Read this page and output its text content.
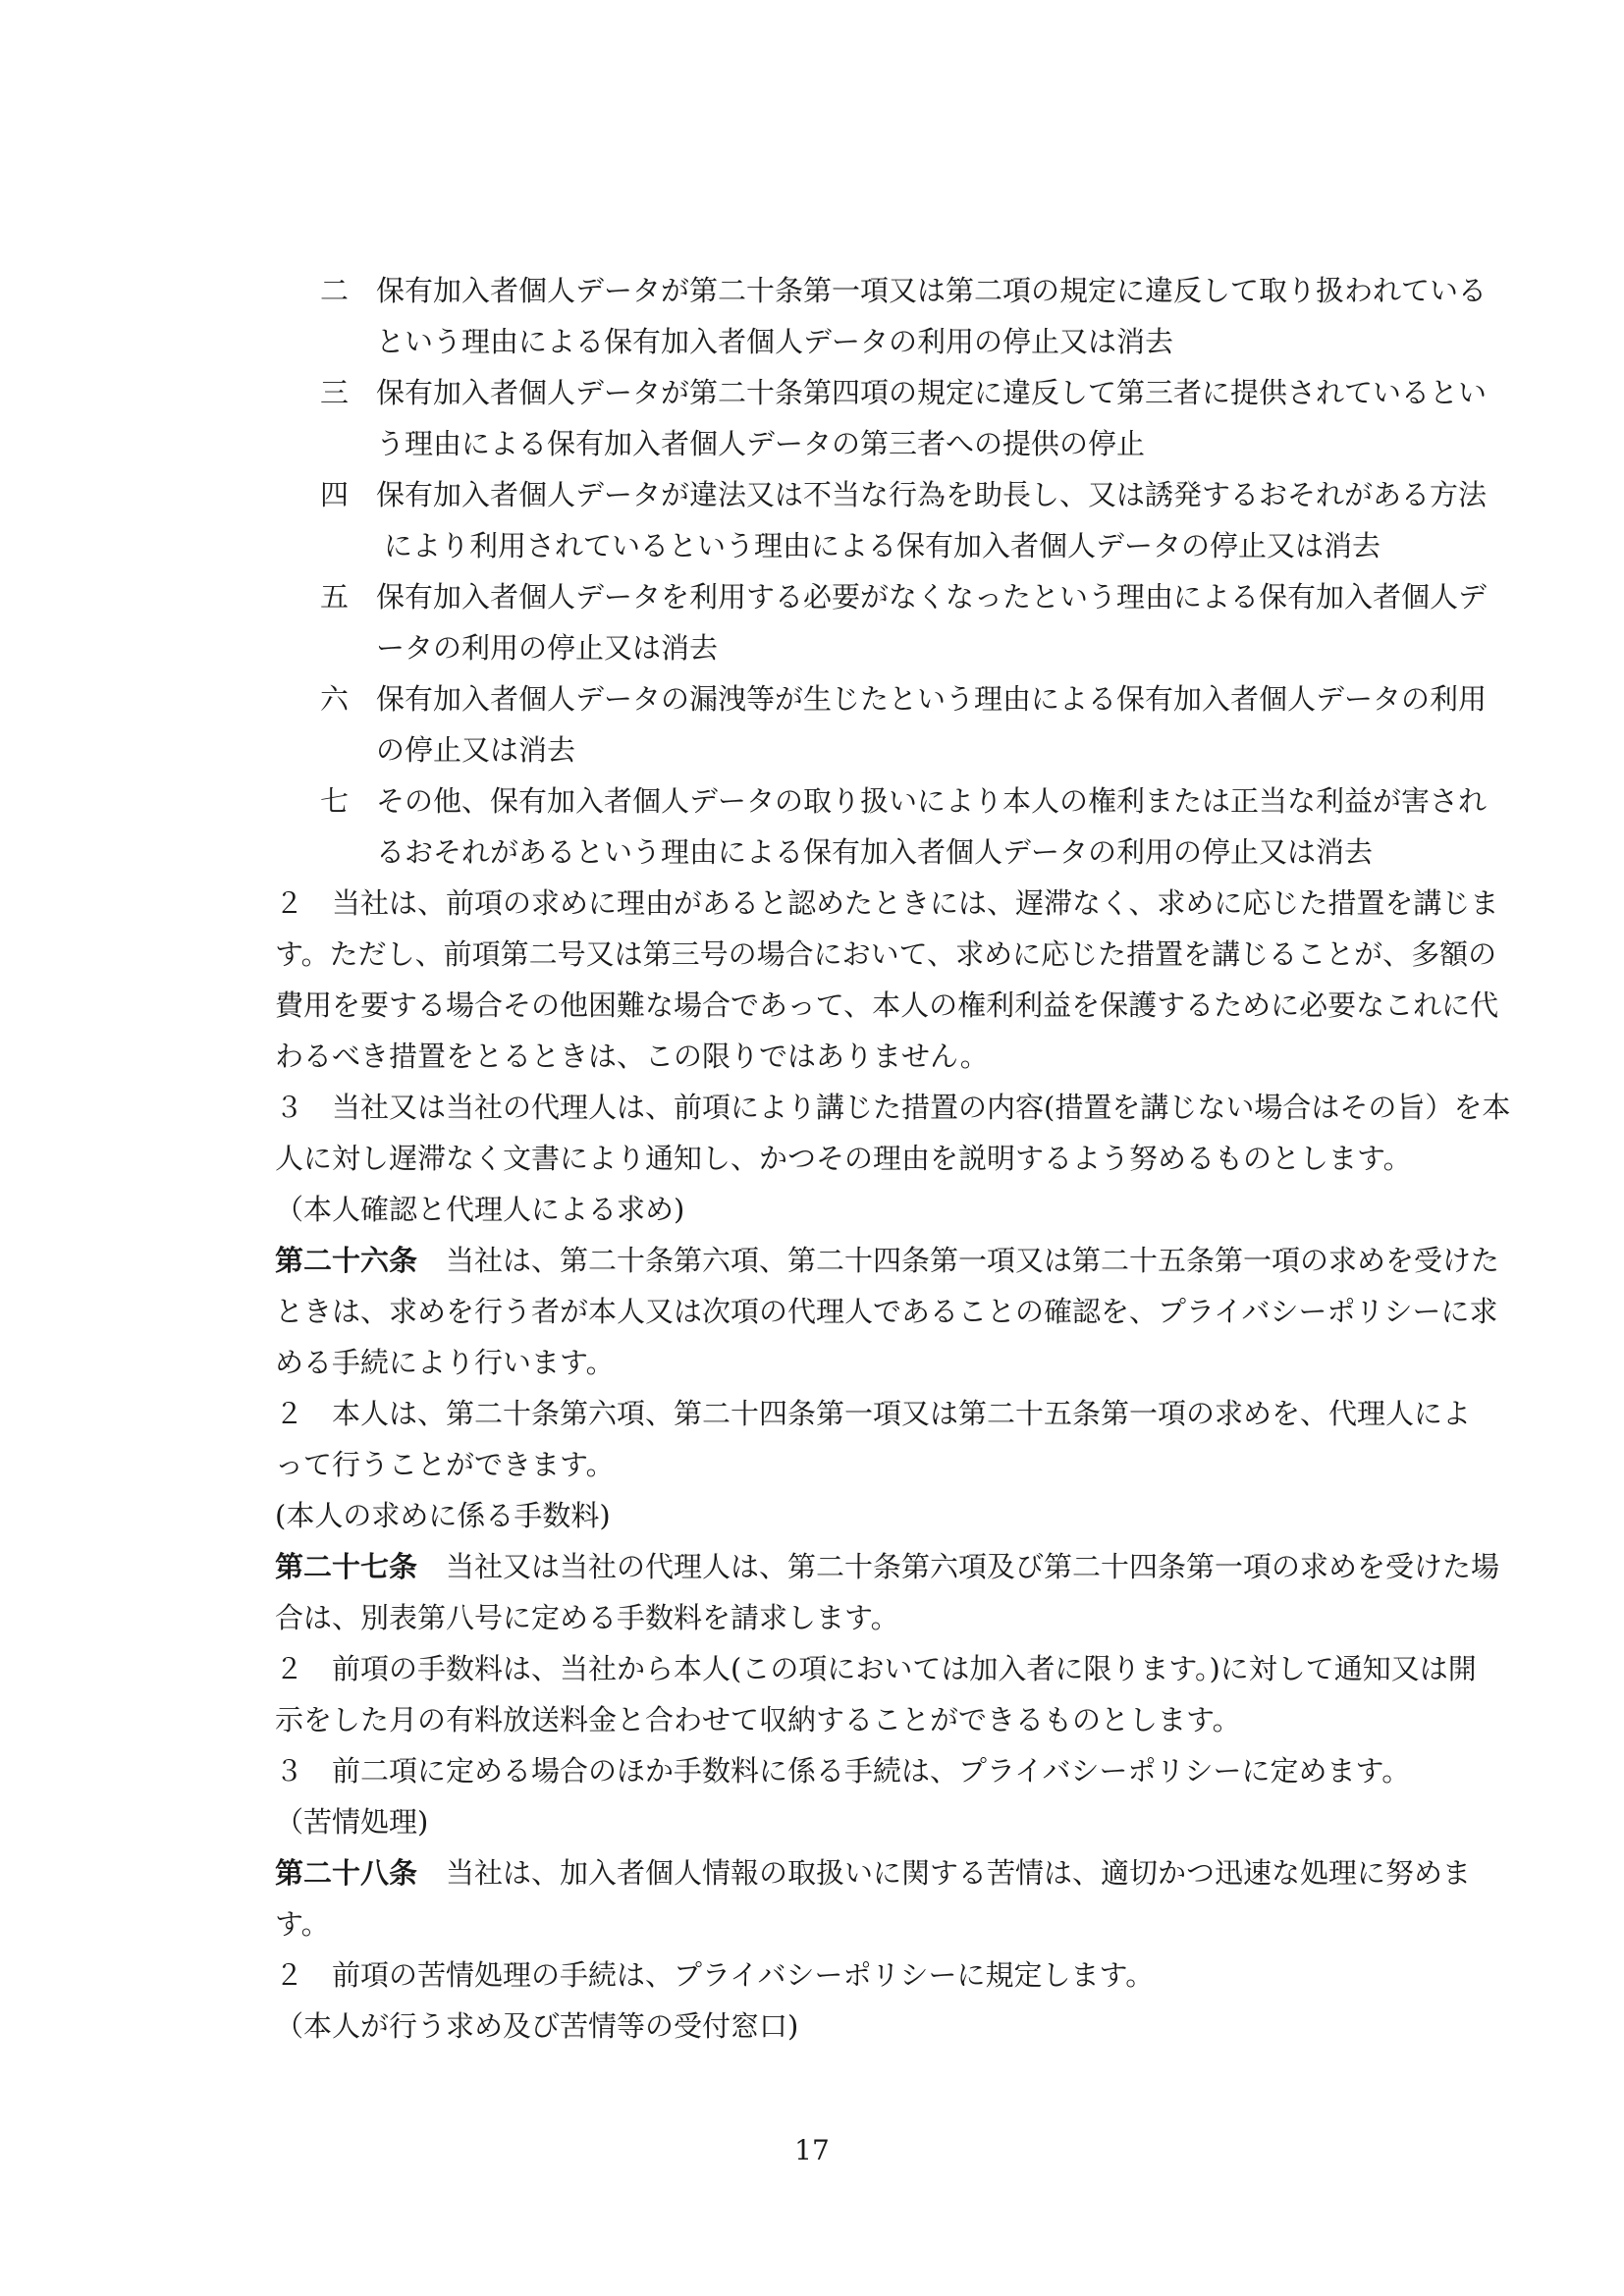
二 保有加入者個人データが第二十条第一項又は第二項の規定に違反して取り扱われている
という理由による保有加入者個人データの利用の停止又は消去
三 保有加入者個人データが第二十条第四項の規定に違反して第三者に提供されているとい
う理由による保有加入者個人データの第三者への提供の停止
四 保有加入者個人データが違法又は不当な行為を助長し、又は誘発するおそれがある方法
により利用されているという理由による保有加入者個人データの停止又は消去
五 保有加入者個人データを利用する必要がなくなったという理由による保有加入者個人デ
ータの利用の停止又は消去
六 保有加入者個人データの漏洩等が生じたという理由による保有加入者個人データの利用
の停止又は消去
七 その他、保有加入者個人データの取り扱いにより本人の権利または正当な利益が害され
るおそれがあるという理由による保有加入者個人データの利用の停止又は消去
２　当社は、前項の求めに理由があると認めたときには、遅滞なく、求めに応じた措置を講じま
す。ただし、前項第二号又は第三号の場合において、求めに応じた措置を講じることが、多額の
費用を要する場合その他困難な場合であって、本人の権利利益を保護するために必要なこれに代
わるべき措置をとるときは、この限りではありません。
３　当社又は当社の代理人は、前項により講じた措置の内容(措置を講じない場合はその旨）を本
人に対し遅滞なく文書により通知し、かつその理由を説明するよう努めるものとします。
（本人確認と代理人による求め)
第二十六条　当社は、第二十条第六項、第二十四条第一項又は第二十五条第一項の求めを受けた
ときは、求めを行う者が本人又は次項の代理人であることの確認を、プライバシーポリシーに求
める手続により行います。
２　本人は、第二十条第六項、第二十四条第一項又は第二十五条第一項の求めを、代理人によ
って行うことができます。
(本人の求めに係る手数料)
第二十七条　当社又は当社の代理人は、第二十条第六項及び第二十四条第一項の求めを受けた場
合は、別表第八号に定める手数料を請求します。
２　前項の手数料は、当社から本人(この項においては加入者に限ります。)に対して通知又は開
示をした月の有料放送料金と合わせて収納することができるものとします。
３　前二項に定める場合のほか手数料に係る手続は、プライバシーポリシーに定めます。
（苦情処理)
第二十八条　当社は、加入者個人情報の取扱いに関する苦情は、適切かつ迅速な処理に努めま
す。
２　前項の苦情処理の手続は、プライバシーポリシーに規定します。
（本人が行う求め及び苦情等の受付窓口)
17
